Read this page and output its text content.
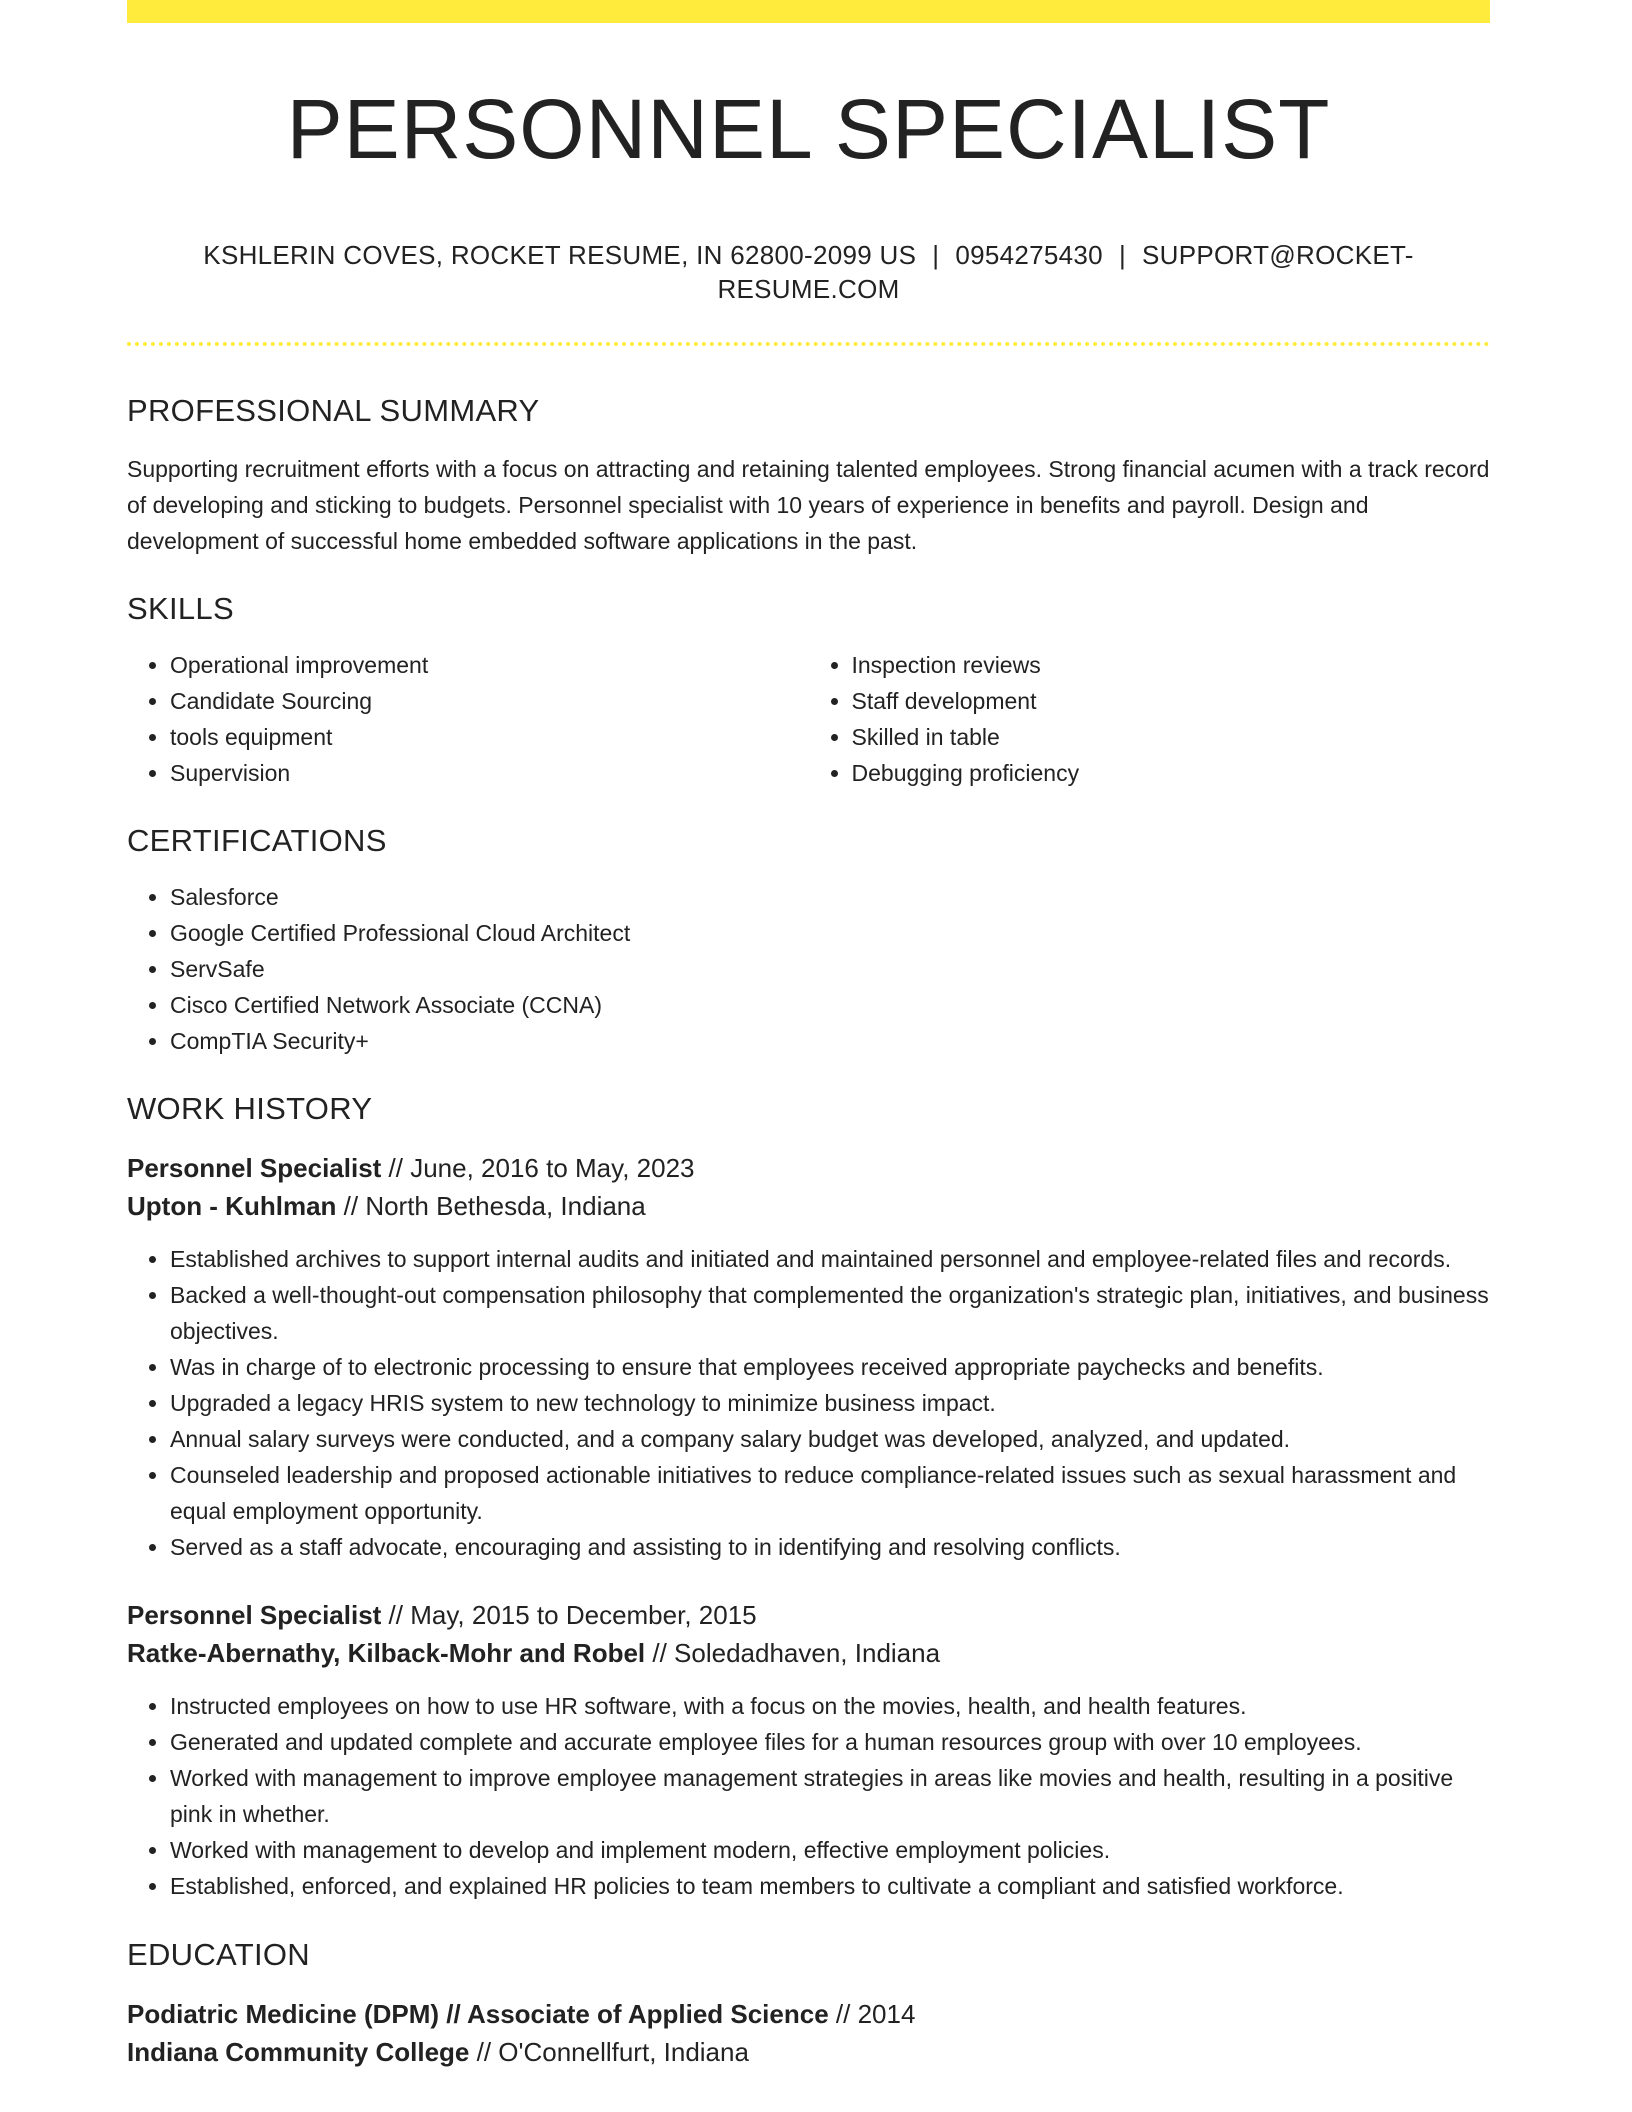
PERSONNEL SPECIALIST
KSHLERIN COVES, ROCKET RESUME, IN 62800-2099 US | 0954275430 | SUPPORT@ROCKET-RESUME.COM
PROFESSIONAL SUMMARY

Supporting recruitment efforts with a focus on attracting and retaining talented employees. Strong financial acumen with a track record of developing and sticking to budgets. Personnel specialist with 10 years of experience in benefits and payroll. Design and development of successful home embedded software applications in the past.

SKILLS
• Operational improvement
• Candidate Sourcing
• tools equipment
• Supervision
• Inspection reviews
• Staff development
• Skilled in table
• Debugging proficiency
CERTIFICATIONS
• Salesforce
• Google Certified Professional Cloud Architect
• ServSafe
• Cisco Certified Network Associate (CCNA)
• CompTIA Security+
WORK HISTORY
Personnel Specialist // June, 2016 to May, 2023
Upton - Kuhlman // North Bethesda, Indiana
• Established archives to support internal audits and initiated and maintained personnel and employee-related files and records.
• Backed a well-thought-out compensation philosophy that complemented the organization's strategic plan, initiatives, and business objectives.
• Was in charge of to electronic processing to ensure that employees received appropriate paychecks and benefits.
• Upgraded a legacy HRIS system to new technology to minimize business impact.
• Annual salary surveys were conducted, and a company salary budget was developed, analyzed, and updated.
• Counseled leadership and proposed actionable initiatives to reduce compliance-related issues such as sexual harassment and equal employment opportunity.
• Served as a staff advocate, encouraging and assisting to in identifying and resolving conflicts.
Personnel Specialist // May, 2015 to December, 2015
Ratke-Abernathy, Kilback-Mohr and Robel // Soledadhaven, Indiana
• Instructed employees on how to use HR software, with a focus on the movies, health, and health features.
• Generated and updated complete and accurate employee files for a human resources group with over 10 employees.
• Worked with management to improve employee management strategies in areas like movies and health, resulting in a positive pink in whether.
• Worked with management to develop and implement modern, effective employment policies.
• Established, enforced, and explained HR policies to team members to cultivate a compliant and satisfied workforce.
EDUCATION
Podiatric Medicine (DPM) // Associate of Applied Science // 2014
Indiana Community College // O'Connellfurt, Indiana
